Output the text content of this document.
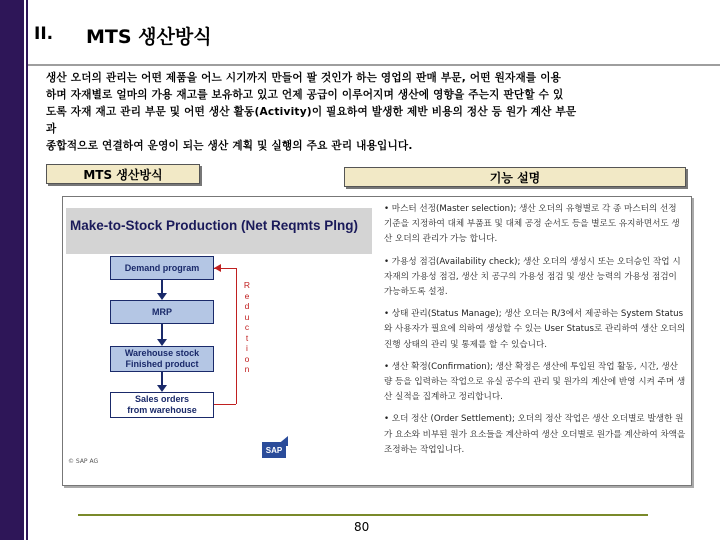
II. MTS 생산방식

생산 오더의 관리는 어떤 제품을 어느 시기까지 만들어 팔 것인가 하는 영업의 판매 부문, 어떤 원자재를 이용

하며 자재별로 얼마의 가용 재고를 보유하고 있고 언제 공급이 이루어지며 생산에 영향을 주는지 판단할 수 있

도록 자재 재고 관리 부문 및 어떤 생산 활동(Activity)이 필요하여 발생한 제반 비용의 정산 등 원가 계산 부문

과

종합적으로 연결하여 운영이 되는 생산 계획 및 실행의 주요 관리 내용입니다.

MTS 생산방식	기능 설명
Make-to-Stock Production (Net Reqmts Plng)
Demand program
MRP
Warehouse stock
Finished product
Sales orders
from warehouse
R
e
d
u
c
t
i
o
n
© SAP AG
SAP

• 마스터 선정(Master selection); 생산 오더의 유형별로 각 종 마스터의 선정 기준을 지정하여 대체 부품표 및 대체 공정 순서도 등을 별로도 유지하면서도 생산 오더의 관리가 가능 합니다.

• 가용성 점검(Availability check); 생산 오더의 생성시 또는 오더승인 작업 시 자재의 가용성 점검, 생산 치 공구의 가용성 점검 및 생산 능력의 가용성 점검이 가능하도록 설정.

• 상태 관리(Status Manage); 생산 오더는 R/3에서 제공하는 System Status와 사용자가 필요에 의하여 생성할 수 있는 User Status로 관리하여 생산 오더의 진행 상태의 관리 및 통제를 할 수 있습니다.

• 생산 확정(Confirmation); 생산 확정은 생산에 투입된 작업 활동, 시간, 생산량 등을 입력하는 작업으로 유실 공수의 관리 및 원가의 계산에 반영 시켜 주며 생산 실적을 집계하고 정리합니다.

• 오더 정산 (Order Settlement); 오더의 정산 작업은 생산 오더별로 발생한 원가 요소와 비부된 원가 요소들을 계산하여 생산 오더별로 원가를 계산하여 차액을 조정하는 작업입니다.

80
